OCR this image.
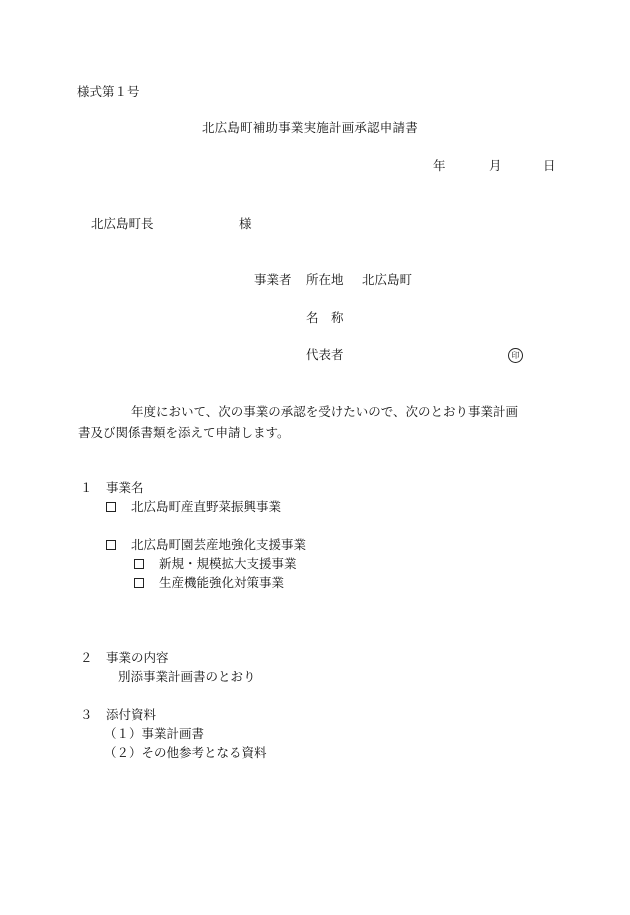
様式第１号
北広島町補助事業実施計画承認申請書
年	月	日
北広島町長	様
事業者 所在地 北広島町
名　称
代表者	印
年度において、次の事業の承認を受けたいので、次のとおり事業計画
書及び関係書類を添えて申請します。
１ 事業名
北広島町産直野菜振興事業
北広島町園芸産地強化支援事業
新規・規模拡大支援事業
生産機能強化対策事業
２ 事業の内容
別添事業計画書のとおり
３ 添付資料
（１）事業計画書
（２）その他参考となる資料
